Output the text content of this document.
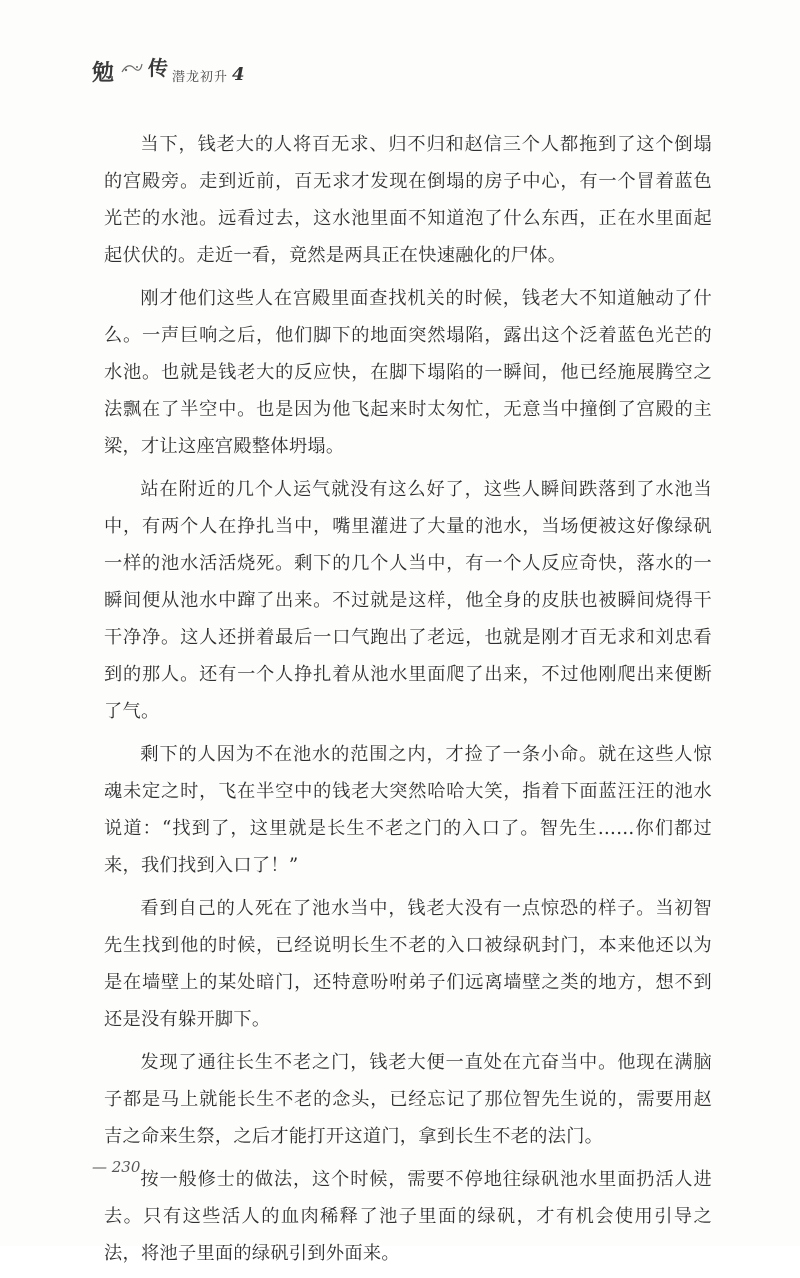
勉 传 潜龙初升 4

当下，钱老大的人将百无求、归不归和赵信三个人都拖到了这个倒塌的宫殿旁。走到近前，百无求才发现在倒塌的房子中心，有一个冒着蓝色光芒的水池。远看过去，这水池里面不知道泡了什么东西，正在水里面起起伏伏的。走近一看，竟然是两具正在快速融化的尸体。

刚才他们这些人在宫殿里面查找机关的时候，钱老大不知道触动了什么。一声巨响之后，他们脚下的地面突然塌陷，露出这个泛着蓝色光芒的水池。也就是钱老大的反应快，在脚下塌陷的一瞬间，他已经施展腾空之法飘在了半空中。也是因为他飞起来时太匆忙，无意当中撞倒了宫殿的主梁，才让这座宫殿整体坍塌。

站在附近的几个人运气就没有这么好了，这些人瞬间跌落到了水池当中，有两个人在挣扎当中，嘴里灌进了大量的池水，当场便被这好像绿矾一样的池水活活烧死。剩下的几个人当中，有一个人反应奇快，落水的一瞬间便从池水中蹿了出来。不过就是这样，他全身的皮肤也被瞬间烧得干干净净。这人还拼着最后一口气跑出了老远，也就是刚才百无求和刘忠看到的那人。还有一个人挣扎着从池水里面爬了出来，不过他刚爬出来便断了气。

剩下的人因为不在池水的范围之内，才捡了一条小命。就在这些人惊魂未定之时，飞在半空中的钱老大突然哈哈大笑，指着下面蓝汪汪的池水说道：“找到了，这里就是长生不老之门的入口了。智先生……你们都过来，我们找到入口了！”

看到自己的人死在了池水当中，钱老大没有一点惊恐的样子。当初智先生找到他的时候，已经说明长生不老的入口被绿矾封门，本来他还以为是在墙壁上的某处暗门，还特意吩咐弟子们远离墙壁之类的地方，想不到还是没有躲开脚下。

发现了通往长生不老之门，钱老大便一直处在亢奋当中。他现在满脑子都是马上就能长生不老的念头，已经忘记了那位智先生说的，需要用赵吉之命来生祭，之后才能打开这道门，拿到长生不老的法门。

按一般修士的做法，这个时候，需要不停地往绿矾池水里面扔活人进去。只有这些活人的血肉稀释了池子里面的绿矾，才有机会使用引导之法，将池子里面的绿矾引到外面来。

— 230
